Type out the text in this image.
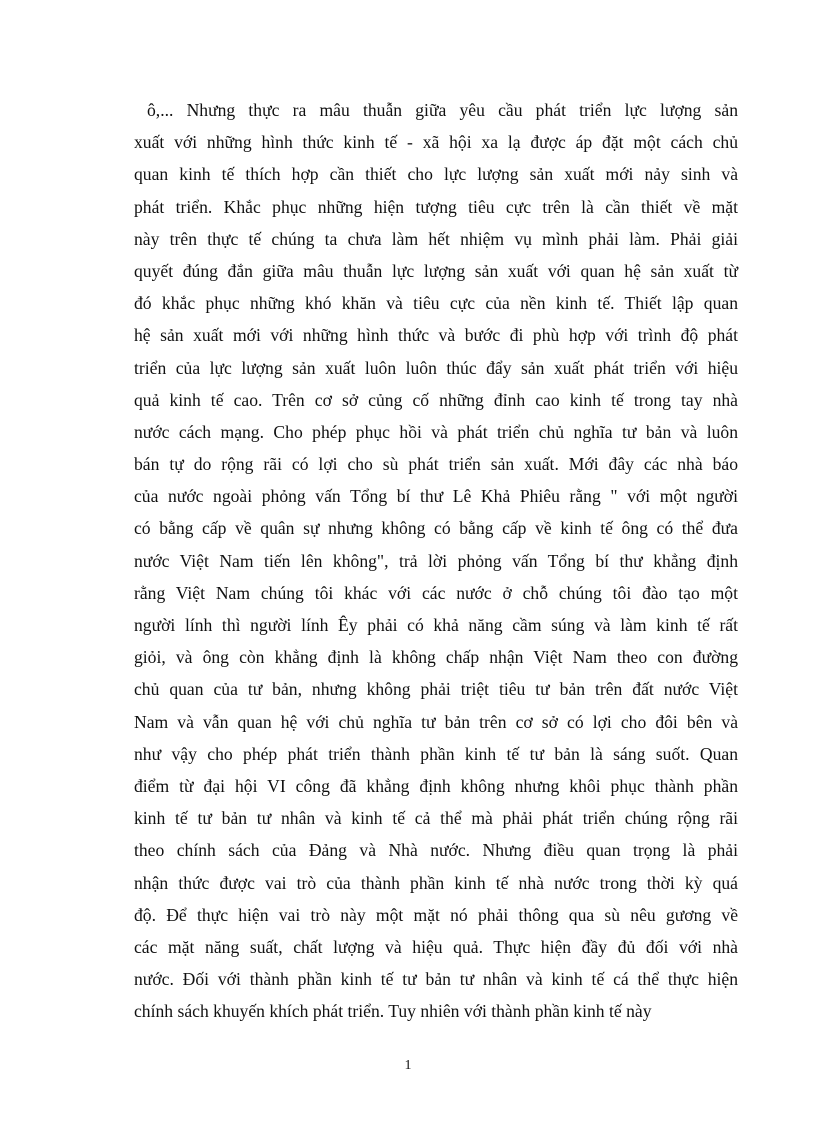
ô,... Nhưng thực ra mâu thuẫn giữa yêu cầu phát triển lực lượng sản
xuất với những hình thức kinh tế - xã hội xa lạ được áp đặt một cách chủ
quan kinh tế thích hợp cần thiết cho lực lượng sản xuất mới nảy sinh và
phát triển. Khắc phục những hiện tượng tiêu cực trên là cần thiết về mặt
này trên thực tế chúng ta chưa làm hết nhiệm vụ mình phải làm. Phải giải
quyết đúng đắn giữa mâu thuẫn lực lượng sản xuất với quan hệ sản xuất từ
đó khắc phục những khó khăn và tiêu cực của nền kinh tế. Thiết lập quan
hệ sản xuất mới với những hình thức và bước đi phù hợp với trình độ phát
triển của lực lượng sản xuất luôn luôn thúc đẩy sản xuất phát triển với hiệu
quả kinh tế cao. Trên cơ sở củng cố những đỉnh cao kinh tế trong tay nhà
nước cách mạng. Cho phép phục hồi và phát triển chủ nghĩa tư bản và luôn
bán tự do rộng rãi có lợi cho sù phát triển sản xuất. Mới đây các nhà báo
của nước ngoài phỏng vấn Tổng bí thư Lê Khả Phiêu rằng " với một người
có bằng cấp về quân sự nhưng không có bằng cấp về kinh tế ông có thể đưa
nước Việt Nam tiến lên không", trả lời phỏng vấn Tổng bí thư khẳng định
rằng Việt Nam chúng tôi khác với các nước ở chỗ chúng tôi đào tạo một
người lính thì người lính Êy phải có khả năng cầm súng và làm kinh tế rất
giỏi, và ông còn khẳng định là không chấp nhận Việt Nam theo con đường
chủ quan của tư bản, nhưng không phải triệt tiêu tư bản trên đất nước Việt
Nam và vẫn quan hệ với chủ nghĩa tư bản trên cơ sở có lợi cho đôi bên và
như vậy cho phép phát triển thành phần kinh tế tư bản là sáng suốt. Quan
điểm từ đại hội VI công đã khẳng định không nhưng khôi phục thành phần
kinh tế tư bản tư nhân và kinh tế cả thể mà phải phát triển chúng rộng rãi
theo chính sách của Đảng và Nhà nước. Nhưng điều quan trọng là phải
nhận thức được vai trò của thành phần kinh tế nhà nước trong thời kỳ quá
độ. Để thực hiện vai trò này một mặt nó phải thông qua sù nêu gương về
các mặt năng suất, chất lượng và hiệu quả. Thực hiện đầy đủ đối với nhà
nước. Đối với thành phần kinh tế tư bản tư nhân và kinh tế cá thể thực hiện
chính sách khuyến khích phát triển. Tuy nhiên với thành phần kinh tế này
1
